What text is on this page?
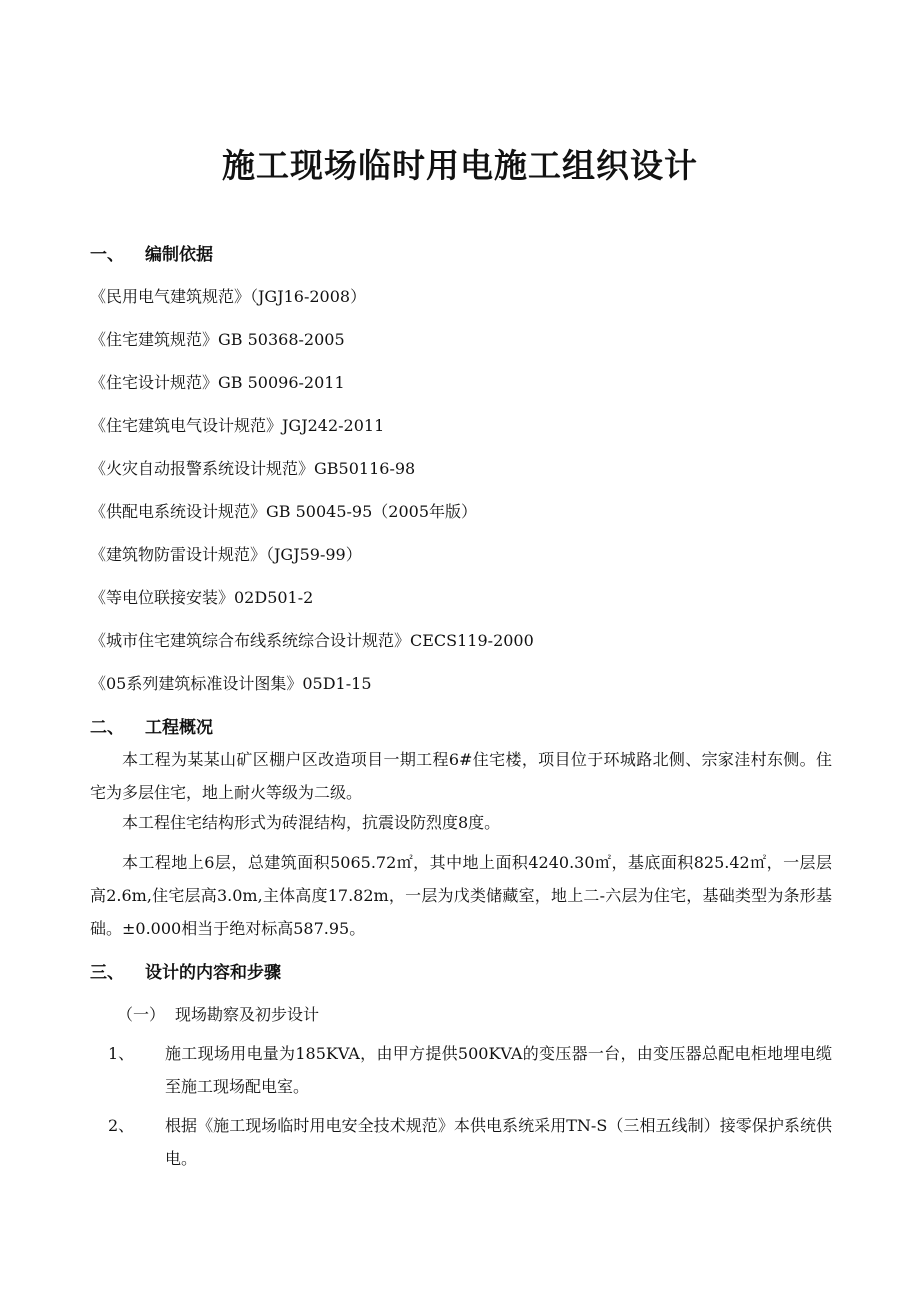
施工现场临时用电施工组织设计
一、 编制依据
《民用电气建筑规范》（JGJ16-2008）
《住宅建筑规范》GB 50368-2005
《住宅设计规范》GB 50096-2011
《住宅建筑电气设计规范》JGJ242-2011
《火灾自动报警系统设计规范》GB50116-98
《供配电系统设计规范》GB 50045-95（2005年版）
《建筑物防雷设计规范》（JGJ59-99）
《等电位联接安装》02D501-2
《城市住宅建筑综合布线系统综合设计规范》CECS119-2000
《05系列建筑标准设计图集》05D1-15
二、 工程概况

本工程为某某山矿区棚户区改造项目一期工程6#住宅楼，项目位于环城路北侧、宗家洼村东侧。住宅为多层住宅，地上耐火等级为二级。

本工程住宅结构形式为砖混结构，抗震设防烈度8度。

本工程地上6层，总建筑面积5065.72㎡，其中地上面积4240.30㎡，基底面积825.42㎡，一层层高2.6m,住宅层高3.0m,主体高度17.82m，一层为戊类储藏室，地上二-六层为住宅，基础类型为条形基础。±0.000相当于绝对标高587.95。

三、 设计的内容和步骤
（一） 现场勘察及初步设计
1、 施工现场用电量为185KVA，由甲方提供500KVA的变压器一台，由变压器总配电柜地埋电缆至施工现场配电室。
2、 根据《施工现场临时用电安全技术规范》本供电系统采用TN-S（三相五线制）接零保护系统供电。
